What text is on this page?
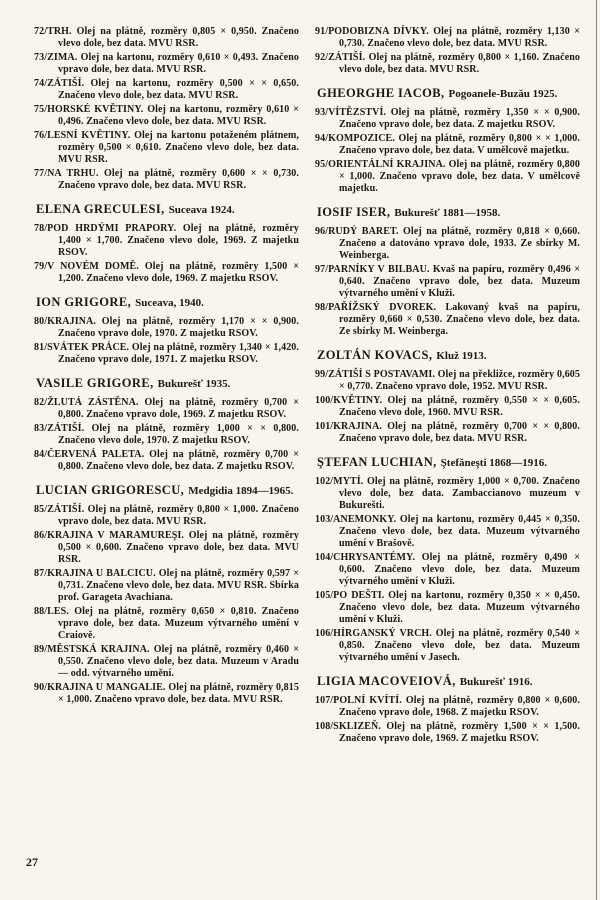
72/TRH. Olej na plátně, rozměry 0,805 × 0,950. Značeno vlevo dole, bez data. MVU RSR.

73/ZIMA. Olej na kartonu, rozměry 0,610 × 0,493. Značeno vpravo dole, bez data. MVU RSR.

74/ZÁTIŠÍ. Olej na kartonu, rozměry 0,500 × × 0,650. Značeno vlevo dole, bez data. MVU RSR.

75/HORSKÉ KVĚTINY. Olej na kartonu, rozměry 0,610 × 0,496. Značeno vlevo dole, bez data. MVU RSR.

76/LESNÍ KVĚTINY. Olej na kartonu potaženém plátnem, rozměry 0,500 × 0,610. Značeno vlevo dole, bez data. MVU RSR.

77/NA TRHU. Olej na plátně, rozměry 0,600 × × 0,730. Značeno vpravo dole, bez data. MVU RSR.

ELENA GRECULESI, Suceava 1924.

78/POD HRDÝMI PRAPORY. Olej na plátně, rozměry 1,400 × 1,700. Značeno vlevo dole, 1969. Z majetku RSOV.

79/V NOVÉM DOMĚ. Olej na plátně, rozměry 1,500 × 1,200. Značeno vlevo dole, 1969. Z majetku RSOV.

ION GRIGORE, Suceava, 1940.

80/KRAJINA. Olej na plátně, rozměry 1,170 × × 0,900. Značeno vpravo dole, 1970. Z majetku RSOV.

81/SVÁTEK PRÁCE. Olej na plátně, rozměry 1,340 × 1,420. Značeno vpravo dole, 1971. Z majetku RSOV.

VASILE GRIGORE, Bukurešť 1935.

82/ŽLUTÁ ZÁSTĚNA. Olej na plátně, rozměry 0,700 × 0,800. Značeno vpravo dole, 1969. Z majetku RSOV.

83/ZÁTIŠÍ. Olej na plátně, rozměry 1,000 × × 0,800. Značeno vlevo dole, 1970. Z majetku RSOV.

84/ČERVENÁ PALETA. Olej na plátně, rozměry 0,700 × 0,800. Značeno vlevo dole, bez data. Z majetku RSOV.

LUCIAN GRIGORESCU, Medgidia 1894—1965.

85/ZÁTIŠÍ. Olej na plátně, rozměry 0,800 × 1,000. Značeno vpravo dole, bez data. MVU RSR.

86/KRAJINA V MARAMUREŞI. Olej na plátně, rozměry 0,500 × 0,600. Značeno vpravo dole, bez data. MVU RSR.

87/KRAJINA U BALCICU. Olej na plátně, rozměry 0,597 × 0,731. Značeno vlevo dole, bez data. MVU RSR. Sbírka prof. Garageta Avachiana.

88/LES. Olej na plátně, rozměry 0,650 × 0,810. Značeno vpravo dole, bez data. Muzeum výtvarného umění v Craiově.

89/MĚSTSKÁ KRAJINA. Olej na plátně, rozměry 0,460 × 0,550. Značeno vlevo dole, bez data. Muzeum v Aradu — odd. výtvarného umění.

90/KRAJINA U MANGALIE. Olej na plátně, rozměry 0,815 × 1,000. Značeno vpravo dole, bez data. MVU RSR.

91/PODOBIZNA DÍVKY. Olej na plátně, rozměry 1,130 × 0,730. Značeno vlevo dole, bez data. MVU RSR.

92/ZÁTIŠÍ. Olej na plátně, rozměry 0,800 × 1,160. Značeno vlevo dole, bez data. MVU RSR.

GHEORGHE IACOB, Pogoanele-Buzău 1925.

93/VÍTĚZSTVÍ. Olej na plátně, rozměry 1,350 × × 0,900. Značeno vpravo dole, bez data. Z majetku RSOV.

94/KOMPOZICE. Olej na plátně, rozměry 0,800 × × 1,000. Značeno vpravo dole, bez data. V umělcově majetku.

95/ORIENTÁLNÍ KRAJINA. Olej na plátně, rozměry 0,800 × 1,000. Značeno vpravo dole, bez data. V umělcově majetku.

IOSIF ISER, Bukurešť 1881—1958.

96/RUDÝ BARET. Olej na plátně, rozměry 0,818 × 0,660. Značeno a datováno vpravo dole, 1933. Ze sbírky M. Weinberga.

97/PARNÍKY V BILBAU. Kvaš na papíru, rozměry 0,496 × 0,640. Značeno vpravo dole, bez data. Muzeum výtvarného umění v Kluži.

98/PAŘÍŽSKÝ DVOREK. Lakovaný kvaš na papíru, rozměry 0,660 × 0,530. Značeno vlevo dole, bez data. Ze sbírky M. Weinberga.

ZOLTÁN KOVACS, Kluž 1913.

99/ZÁTIŠÍ S POSTAVAMI. Olej na překližce, rozměry 0,605 × 0,770. Značeno vpravo dole, 1952. MVU RSR.

100/KVĚTINY. Olej na plátně, rozměry 0,550 × × 0,605. Značeno vlevo dole, 1960. MVU RSR.

101/KRAJINA. Olej na plátně, rozměry 0,700 × × 0,800. Značeno vpravo dole, bez data. MVU RSR.

ŞTEFAN LUCHIAN, Ştefăneşti 1868—1916.

102/MYTÍ. Olej na plátně, rozměry 1,000 × 0,700. Značeno vlevo dole, bez data. Zambaccianovo muzeum v Bukurešti.

103/ANEMONKY. Olej na kartonu, rozměry 0,445 × 0,350. Značeno vlevo dole, bez data. Muzeum výtvarného umění v Brašově.

104/CHRYSANTÉMY. Olej na plátně, rozměry 0,490 × 0,600. Značeno vlevo dole, bez data. Muzeum výtvarného umění v Kluži.

105/PO DEŠTI. Olej na kartonu, rozměry 0,350 × × 0,450. Značeno vlevo dole, bez data. Muzeum výtvarného umění v Kluži.

106/HÍRGANSKÝ VRCH. Olej na plátně, rozměry 0,540 × 0,850. Značeno vlevo dole, bez data. Muzeum výtvarného umění v Jasech.

LIGIA MACOVEIOVÁ, Bukurešť 1916.

107/POLNÍ KVÍTÍ. Olej na plátně, rozměry 0,800 × 0,600. Značeno vpravo dole, 1968. Z majetku RSOV.

108/SKLIZEŇ. Olej na plátně, rozměry 1,500 × × 1,500. Značeno vpravo dole, 1969. Z majetku RSOV.

27
